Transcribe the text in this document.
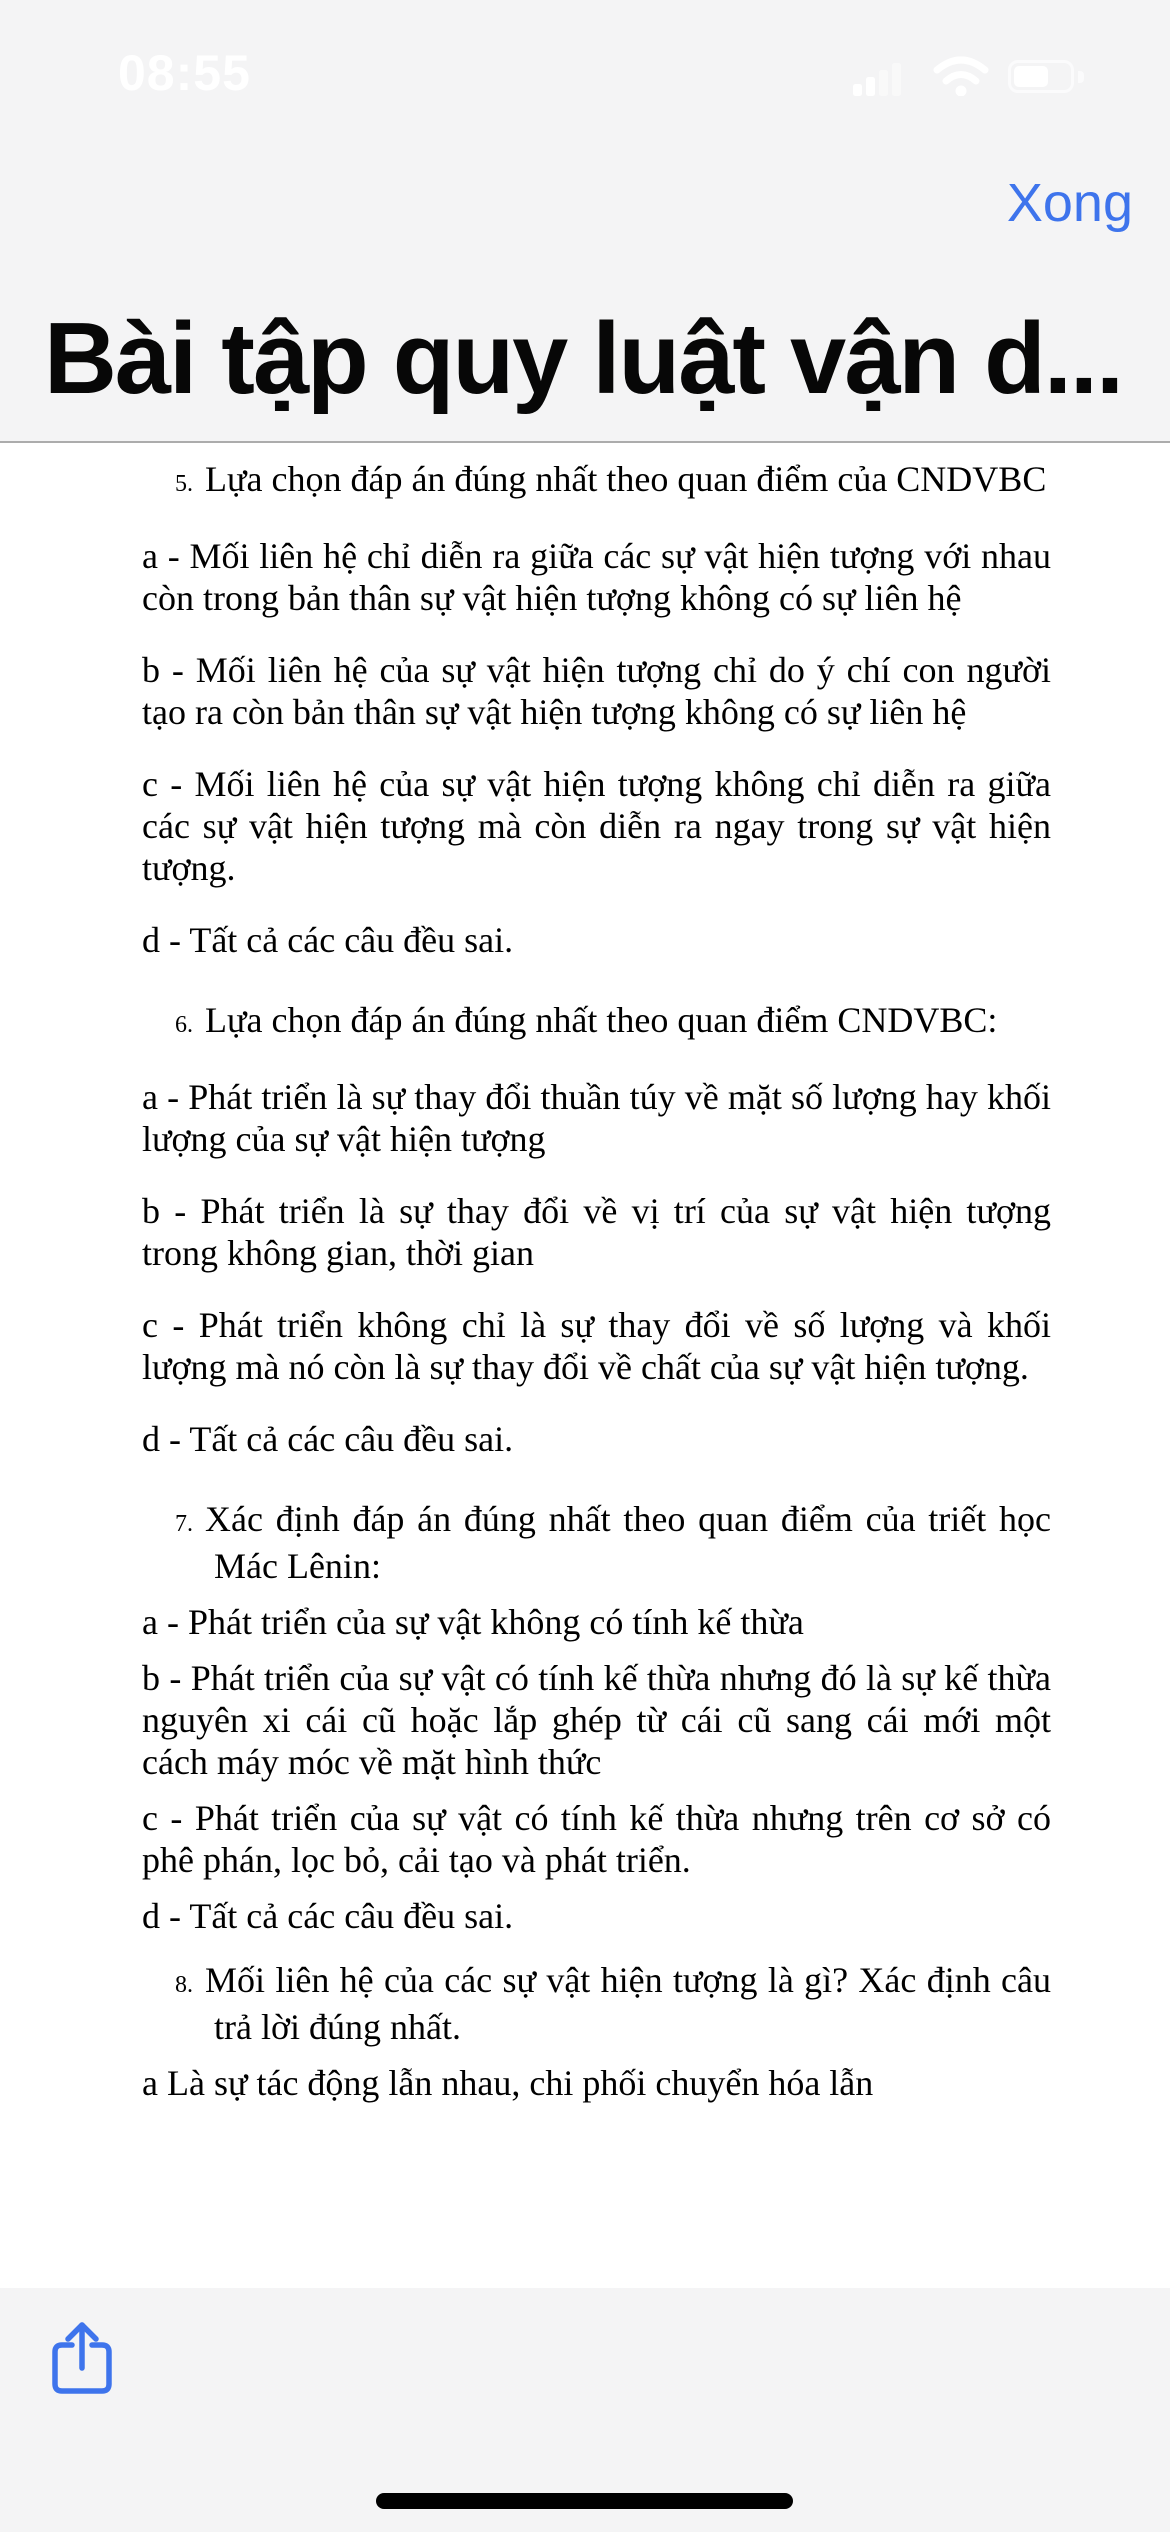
08:55
Xong
Bài tập quy luật vận d...

5. Lựa chọn đáp án đúng nhất theo quan điểm của CNDVBC

a - Mối liên hệ chỉ diễn ra giữa các sự vật hiện tượng với nhau còn trong bản thân sự vật hiện tượng không có sự liên hệ

b - Mối liên hệ của sự vật hiện tượng chỉ do ý chí con người tạo ra còn bản thân sự vật hiện tượng không có sự liên hệ

c - Mối liên hệ của sự vật hiện tượng không chỉ diễn ra giữa các sự vật hiện tượng mà còn diễn ra ngay trong sự vật hiện tượng.

d - Tất cả các câu đều sai.

6. Lựa chọn đáp án đúng nhất theo quan điểm CNDVBC:

a - Phát triển là sự thay đổi thuần túy về mặt số lượng hay khối lượng của sự vật hiện tượng

b - Phát triển là sự thay đổi về vị trí của sự vật hiện tượng trong không gian, thời gian

c - Phát triển không chỉ là sự thay đổi về số lượng và khối lượng mà nó còn là sự thay đổi về chất của sự vật hiện tượng.

d - Tất cả các câu đều sai.

7. Xác định đáp án đúng nhất theo quan điểm của triết học Mác Lênin:

a - Phát triển của sự vật không có tính kế thừa

b - Phát triển của sự vật có tính kế thừa nhưng đó là sự kế thừa nguyên xi cái cũ hoặc lắp ghép từ cái cũ sang cái mới một cách máy móc về mặt hình thức

c - Phát triển của sự vật có tính kế thừa nhưng trên cơ sở có phê phán, lọc bỏ, cải tạo và phát triển.

d - Tất cả các câu đều sai.

8. Mối liên hệ của các sự vật hiện tượng là gì? Xác định câu trả lời đúng nhất.

a Là sự tác động lẫn nhau, chi phối chuyển hóa lẫn
